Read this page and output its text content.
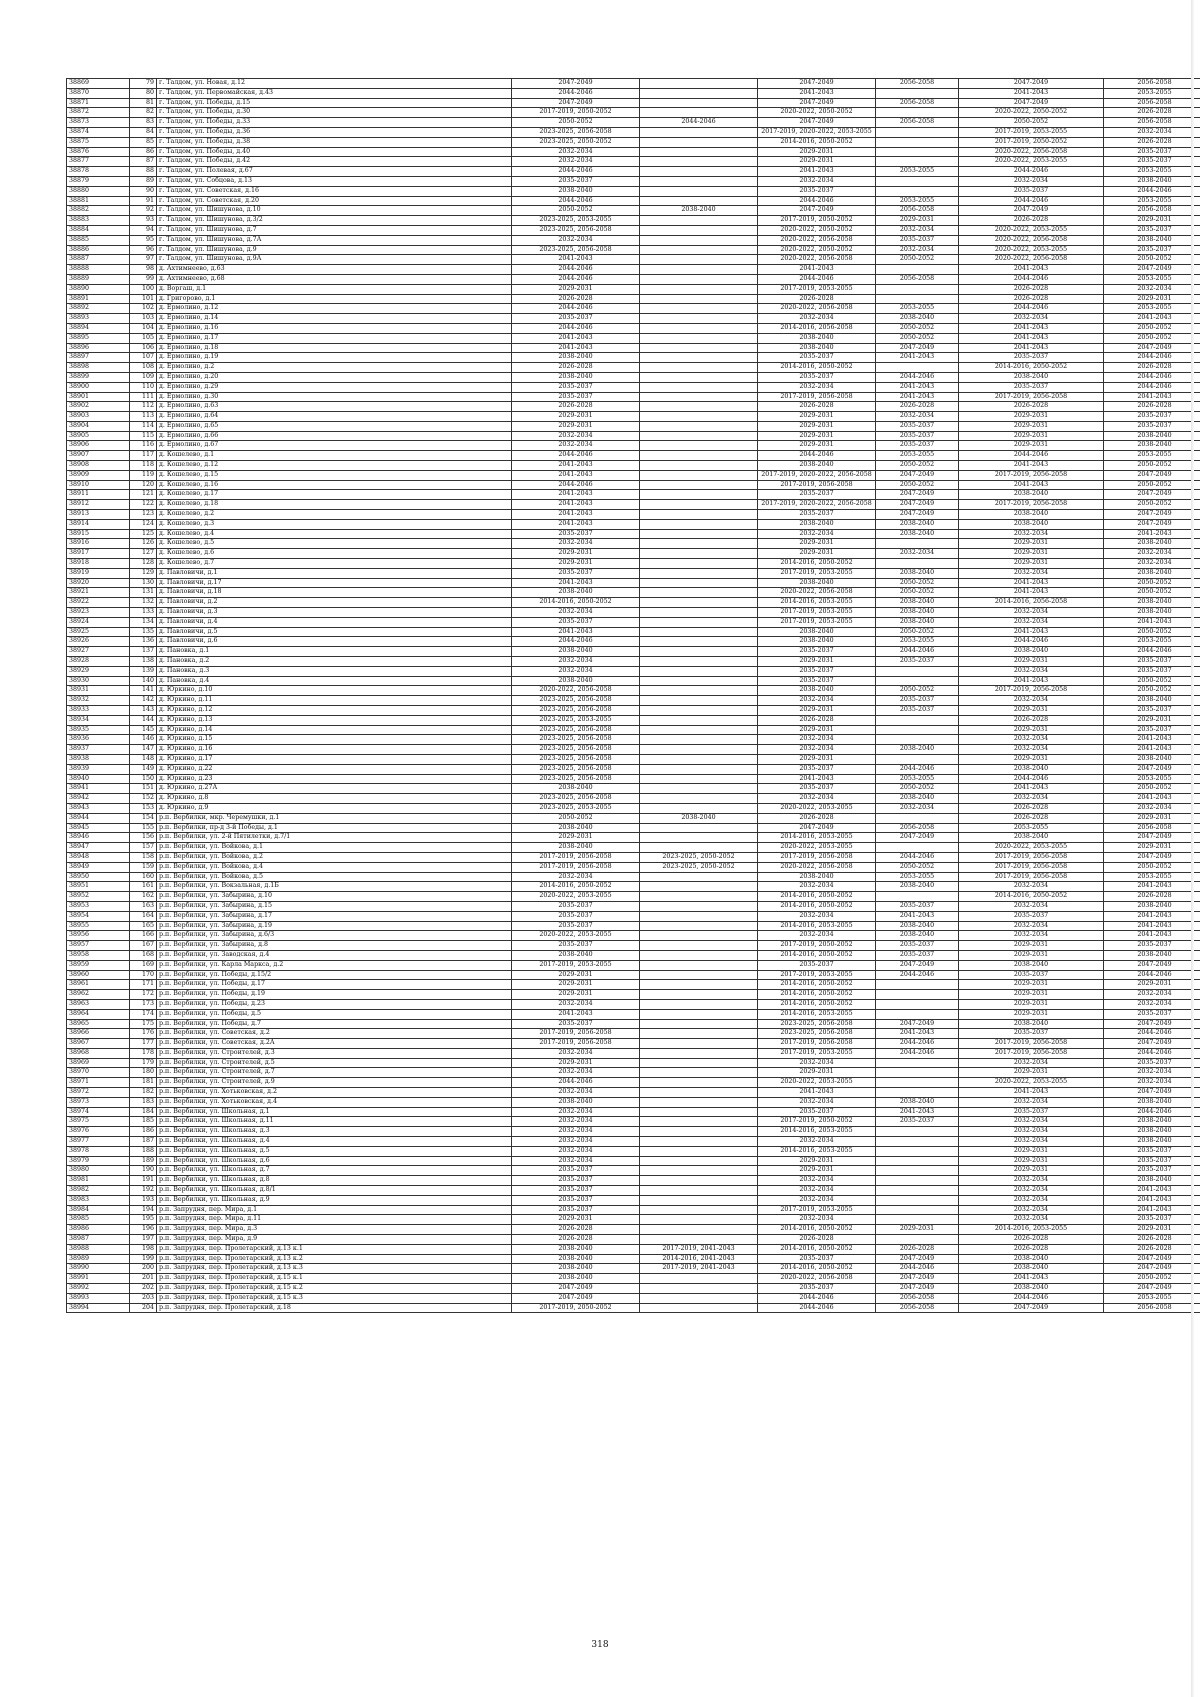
38869	79	г. Талдом, ул. Новая, д.12	2047-2049		2047-2049	2056-2058	2047-2049	2056-2058
38870	80	г. Талдом, ул. Первомайская, д.43	2044-2046		2041-2043		2041-2043	2053-2055
38871	81	г. Талдом, ул. Победы, д.15	2047-2049		2047-2049	2056-2058	2047-2049	2056-2058
38872	82	г. Талдом, ул. Победы, д.30	2017-2019, 2050-2052		2020-2022, 2050-2052		2020-2022, 2050-2052	2026-2028
38873	83	г. Талдом, ул. Победы, д.33	2050-2052	2044-2046	2047-2049	2056-2058	2050-2052	2056-2058
38874	84	г. Талдом, ул. Победы, д.36	2023-2025, 2056-2058		2017-2019, 2020-2022, 2053-2055		2017-2019, 2053-2055	2032-2034
38875	85	г. Талдом, ул. Победы, д.38	2023-2025, 2050-2052		2014-2016, 2050-2052		2017-2019, 2050-2052	2026-2028
38876	86	г. Талдом, ул. Победы, д.40	2032-2034		2029-2031		2020-2022, 2056-2058	2035-2037
38877	87	г. Талдом, ул. Победы, д.42	2032-2034		2029-2031		2020-2022, 2053-2055	2035-2037
38878	88	г. Талдом, ул. Полевая, д.67	2044-2046		2041-2043	2053-2055	2044-2046	2053-2055
38879	89	г. Талдом, ул. Собцова, д.13	2035-2037		2032-2034		2032-2034	2038-2040
38880	90	г. Талдом, ул. Советская, д.16	2038-2040		2035-2037		2035-2037	2044-2046
38881	91	г. Талдом, ул. Советская, д.20	2044-2046		2044-2046	2053-2055	2044-2046	2053-2055
38882	92	г. Талдом, ул. Шишунова, д.10	2050-2052	2038-2040	2047-2049	2056-2058	2047-2049	2056-2058
38883	93	г. Талдом, ул. Шишунова, д.3/2	2023-2025, 2053-2055		2017-2019, 2050-2052	2029-2031	2026-2028	2029-2031
38884	94	г. Талдом, ул. Шишунова, д.7	2023-2025, 2056-2058		2020-2022, 2050-2052	2032-2034	2020-2022, 2053-2055	2035-2037
38885	95	г. Талдом, ул. Шишунова, д.7А	2032-2034		2020-2022, 2056-2058	2035-2037	2020-2022, 2056-2058	2038-2040
38886	96	г. Талдом, ул. Шишунова, д.9	2023-2025, 2056-2058		2020-2022, 2050-2052	2032-2034	2020-2022, 2053-2055	2035-2037
38887	97	г. Талдом, ул. Шишунова, д.9А	2041-2043		2020-2022, 2056-2058	2050-2052	2020-2022, 2056-2058	2050-2052
38888	98	д. Ахтимнеево, д.63	2044-2046		2041-2043		2041-2043	2047-2049
38889	99	д. Ахтимнеево, д.68	2044-2046		2044-2046	2056-2058	2044-2046	2053-2055
38890	100	д. Воргаш, д.1	2029-2031		2017-2019, 2053-2055		2026-2028	2032-2034
38891	101	д. Григорово, д.1	2026-2028		2026-2028		2026-2028	2029-2031
38892	102	д. Ермолино, д.12	2044-2046		2020-2022, 2056-2058	2053-2055	2044-2046	2053-2055
38893	103	д. Ермолино, д.14	2035-2037		2032-2034	2038-2040	2032-2034	2041-2043
38894	104	д. Ермолино, д.16	2044-2046		2014-2016, 2056-2058	2050-2052	2041-2043	2050-2052
38895	105	д. Ермолино, д.17	2041-2043		2038-2040	2050-2052	2041-2043	2050-2052
38896	106	д. Ермолино, д.18	2041-2043		2038-2040	2047-2049	2041-2043	2047-2049
38897	107	д. Ермолино, д.19	2038-2040		2035-2037	2041-2043	2035-2037	2044-2046
38898	108	д. Ермолино, д.2	2026-2028		2014-2016, 2050-2052		2014-2016, 2050-2052	2026-2028
38899	109	д. Ермолино, д.20	2038-2040		2035-2037	2044-2046	2038-2040	2044-2046
38900	110	д. Ермолино, д.29	2035-2037		2032-2034	2041-2043	2035-2037	2044-2046
38901	111	д. Ермолино, д.30	2035-2037		2017-2019, 2056-2058	2041-2043	2017-2019, 2056-2058	2041-2043
38902	112	д. Ермолино, д.63	2026-2028		2026-2028	2026-2028	2026-2028	2026-2028
38903	113	д. Ермолино, д.64	2029-2031		2029-2031	2032-2034	2029-2031	2035-2037
38904	114	д. Ермолино, д.65	2029-2031		2029-2031	2035-2037	2029-2031	2035-2037
38905	115	д. Ермолино, д.66	2032-2034		2029-2031	2035-2037	2029-2031	2038-2040
38906	116	д. Ермолино, д.67	2032-2034		2029-2031	2035-2037	2029-2031	2038-2040
38907	117	д. Кошелево, д.1	2044-2046		2044-2046	2053-2055	2044-2046	2053-2055
38908	118	д. Кошелево, д.12	2041-2043		2038-2040	2050-2052	2041-2043	2050-2052
38909	119	д. Кошелево, д.15	2041-2043		2017-2019, 2020-2022, 2056-2058	2047-2049	2017-2019, 2056-2058	2047-2049
38910	120	д. Кошелево, д.16	2044-2046		2017-2019, 2056-2058	2050-2052	2041-2043	2050-2052
38911	121	д. Кошелево, д.17	2041-2043		2035-2037	2047-2049	2038-2040	2047-2049
38912	122	д. Кошелево, д.18	2041-2043		2017-2019, 2020-2022, 2056-2058	2047-2049	2017-2019, 2056-2058	2050-2052
38913	123	д. Кошелево, д.2	2041-2043		2035-2037	2047-2049	2038-2040	2047-2049
38914	124	д. Кошелево, д.3	2041-2043		2038-2040	2038-2040	2038-2040	2047-2049
38915	125	д. Кошелево, д.4	2035-2037		2032-2034	2038-2040	2032-2034	2041-2043
38916	126	д. Кошелево, д.5	2032-2034		2029-2031		2029-2031	2038-2040
38917	127	д. Кошелево, д.6	2029-2031		2029-2031	2032-2034	2029-2031	2032-2034
38918	128	д. Кошелево, д.7	2029-2031		2014-2016, 2050-2052		2029-2031	2032-2034
38919	129	д. Павловичи, д.1	2035-2037		2017-2019, 2053-2055	2038-2040	2032-2034	2038-2040
38920	130	д. Павловичи, д.17	2041-2043		2038-2040	2050-2052	2041-2043	2050-2052
38921	131	д. Павловичи, д.18	2038-2040		2020-2022, 2056-2058	2050-2052	2041-2043	2050-2052
38922	132	д. Павловичи, д.2	2014-2016, 2050-2052		2014-2016, 2053-2055	2038-2040	2014-2016, 2056-2058	2038-2040
38923	133	д. Павловичи, д.3	2032-2034		2017-2019, 2053-2055	2038-2040	2032-2034	2038-2040
38924	134	д. Павловичи, д.4	2035-2037		2017-2019, 2053-2055	2038-2040	2032-2034	2041-2043
38925	135	д. Павловичи, д.5	2041-2043		2038-2040	2050-2052	2041-2043	2050-2052
38926	136	д. Павловичи, д.6	2044-2046		2038-2040	2053-2055	2044-2046	2053-2055
38927	137	д. Пановка, д.1	2038-2040		2035-2037	2044-2046	2038-2040	2044-2046
38928	138	д. Пановка, д.2	2032-2034		2029-2031	2035-2037	2029-2031	2035-2037
38929	139	д. Пановка, д.3	2032-2034		2035-2037		2032-2034	2035-2037
38930	140	д. Пановка, д.4	2038-2040		2035-2037		2041-2043	2050-2052
38931	141	д. Юркино, д.10	2020-2022, 2056-2058		2038-2040	2050-2052	2017-2019, 2056-2058	2050-2052
38932	142	д. Юркино, д.11	2023-2025, 2056-2058		2032-2034	2035-2037	2032-2034	2038-2040
38933	143	д. Юркино, д.12	2023-2025, 2056-2058		2029-2031	2035-2037	2029-2031	2035-2037
38934	144	д. Юркино, д.13	2023-2025, 2053-2055		2026-2028		2026-2028	2029-2031
38935	145	д. Юркино, д.14	2023-2025, 2056-2058		2029-2031		2029-2031	2035-2037
38936	146	д. Юркино, д.15	2023-2025, 2056-2058		2032-2034		2032-2034	2041-2043
38937	147	д. Юркино, д.16	2023-2025, 2056-2058		2032-2034	2038-2040	2032-2034	2041-2043
38938	148	д. Юркино, д.17	2023-2025, 2056-2058		2029-2031		2029-2031	2038-2040
38939	149	д. Юркино, д.22	2023-2025, 2056-2058		2035-2037	2044-2046	2038-2040	2047-2049
38940	150	д. Юркино, д.23	2023-2025, 2056-2058		2041-2043	2053-2055	2044-2046	2053-2055
38941	151	д. Юркино, д.27А	2038-2040		2035-2037	2050-2052	2041-2043	2050-2052
38942	152	д. Юркино, д.8	2023-2025, 2056-2058		2032-2034	2038-2040	2032-2034	2041-2043
38943	153	д. Юркино, д.9	2023-2025, 2053-2055		2020-2022, 2053-2055	2032-2034	2026-2028	2032-2034
38944	154	р.п. Вербилки, мкр. Черемушки, д.1	2050-2052	2038-2040	2026-2028		2026-2028	2029-2031
38945	155	р.п. Вербилки, пр-д 3-й Победы, д.1	2038-2040		2047-2049	2056-2058	2053-2055	2056-2058
38946	156	р.п. Вербилки, ул. 2-й Пятилетки, д.7/1	2029-2031		2014-2016, 2053-2055	2047-2049	2038-2040	2047-2049
38947	157	р.п. Вербилки, ул. Войкова, д.1	2038-2040		2020-2022, 2053-2055		2020-2022, 2053-2055	2029-2031
38948	158	р.п. Вербилки, ул. Войкова, д.2	2017-2019, 2056-2058	2023-2025, 2050-2052	2017-2019, 2056-2058	2044-2046	2017-2019, 2056-2058	2047-2049
38949	159	р.п. Вербилки, ул. Войкова, д.4	2017-2019, 2056-2058	2023-2025, 2050-2052	2020-2022, 2056-2058	2050-2052	2017-2019, 2056-2058	2050-2052
38950	160	р.п. Вербилки, ул. Войкова, д.5	2032-2034		2038-2040	2053-2055	2017-2019, 2056-2058	2053-2055
38951	161	р.п. Вербилки, ул. Вокзальная, д.1Б	2014-2016, 2050-2052		2032-2034	2038-2040	2032-2034	2041-2043
38952	162	р.п. Вербилки, ул. Забырина, д.10	2020-2022, 2053-2055		2014-2016, 2050-2052		2014-2016, 2050-2052	2026-2028
38953	163	р.п. Вербилки, ул. Забырина, д.15	2035-2037		2014-2016, 2050-2052	2035-2037	2032-2034	2038-2040
38954	164	р.п. Вербилки, ул. Забырина, д.17	2035-2037		2032-2034	2041-2043	2035-2037	2041-2043
38955	165	р.п. Вербилки, ул. Забырина, д.19	2035-2037		2014-2016, 2053-2055	2038-2040	2032-2034	2041-2043
38956	166	р.п. Вербилки, ул. Забырина, д.6/3	2020-2022, 2053-2055		2032-2034	2038-2040	2032-2034	2041-2043
38957	167	р.п. Вербилки, ул. Забырина, д.8	2035-2037		2017-2019, 2050-2052	2035-2037	2029-2031	2035-2037
38958	168	р.п. Вербилки, ул. Заводская, д.4	2038-2040		2014-2016, 2050-2052	2035-2037	2029-2031	2038-2040
38959	169	р.п. Вербилки, ул. Карла Маркса, д.2	2017-2019, 2053-2055		2035-2037	2047-2049	2038-2040	2047-2049
38960	170	р.п. Вербилки, ул. Победы, д.15/2	2029-2031		2017-2019, 2053-2055	2044-2046	2035-2037	2044-2046
38961	171	р.п. Вербилки, ул. Победы, д.17	2029-2031		2014-2016, 2050-2052		2029-2031	2029-2031
38962	172	р.п. Вербилки, ул. Победы, д.19	2029-2031		2014-2016, 2050-2052		2029-2031	2032-2034
38963	173	р.п. Вербилки, ул. Победы, д.23	2032-2034		2014-2016, 2050-2052		2029-2031	2032-2034
38964	174	р.п. Вербилки, ул. Победы, д.5	2041-2043		2014-2016, 2053-2055		2029-2031	2035-2037
38965	175	р.п. Вербилки, ул. Победы, д.7	2035-2037		2023-2025, 2056-2058	2047-2049	2038-2040	2047-2049
38966	176	р.п. Вербилки, ул. Советская, д.2	2017-2019, 2056-2058		2023-2025, 2056-2058	2041-2043	2035-2037	2044-2046
38967	177	р.п. Вербилки, ул. Советская, д.2А	2017-2019, 2056-2058		2017-2019, 2056-2058	2044-2046	2017-2019, 2056-2058	2047-2049
38968	178	р.п. Вербилки, ул. Строителей, д.3	2032-2034		2017-2019, 2053-2055	2044-2046	2017-2019, 2056-2058	2044-2046
38969	179	р.п. Вербилки, ул. Строителей, д.5	2029-2031		2032-2034		2032-2034	2035-2037
38970	180	р.п. Вербилки, ул. Строителей, д.7	2032-2034		2029-2031		2029-2031	2032-2034
38971	181	р.п. Вербилки, ул. Строителей, д.9	2044-2046		2020-2022, 2053-2055		2020-2022, 2053-2055	2032-2034
38972	182	р.п. Вербилки, ул. Хотьковская, д.2	2032-2034		2041-2043		2041-2043	2047-2049
38973	183	р.п. Вербилки, ул. Хотьковская, д.4	2038-2040		2032-2034	2038-2040	2032-2034	2038-2040
38974	184	р.п. Вербилки, ул. Школьная, д.1	2032-2034		2035-2037	2041-2043	2035-2037	2044-2046
38975	185	р.п. Вербилки, ул. Школьная, д.11	2032-2034		2017-2019, 2050-2052	2035-2037	2032-2034	2038-2040
38976	186	р.п. Вербилки, ул. Школьная, д.3	2032-2034		2014-2016, 2053-2055		2032-2034	2038-2040
38977	187	р.п. Вербилки, ул. Школьная, д.4	2032-2034		2032-2034		2032-2034	2038-2040
38978	188	р.п. Вербилки, ул. Школьная, д.5	2032-2034		2014-2016, 2053-2055		2029-2031	2035-2037
38979	189	р.п. Вербилки, ул. Школьная, д.6	2032-2034		2029-2031		2029-2031	2035-2037
38980	190	р.п. Вербилки, ул. Школьная, д.7	2035-2037		2029-2031		2029-2031	2035-2037
38981	191	р.п. Вербилки, ул. Школьная, д.8	2035-2037		2032-2034		2032-2034	2038-2040
38982	192	р.п. Вербилки, ул. Школьная, д.8/1	2035-2037		2032-2034		2032-2034	2041-2043
38983	193	р.п. Вербилки, ул. Школьная, д.9	2035-2037		2032-2034		2032-2034	2041-2043
38984	194	р.п. Запрудня, пер. Мира, д.1	2035-2037		2017-2019, 2053-2055		2032-2034	2041-2043
38985	195	р.п. Запрудня, пер. Мира, д.11	2029-2031		2032-2034		2032-2034	2035-2037
38986	196	р.п. Запрудня, пер. Мира, д.3	2026-2028		2014-2016, 2050-2052	2029-2031	2014-2016, 2053-2055	2029-2031
38987	197	р.п. Запрудня, пер. Мира, д.9	2026-2028		2026-2028		2026-2028	2026-2028
38988	198	р.п. Запрудня, пер. Пролетарский, д.13 к.1	2038-2040	2017-2019, 2041-2043	2014-2016, 2050-2052	2026-2028	2026-2028	2026-2028
38989	199	р.п. Запрудня, пер. Пролетарский, д.13 к.2	2038-2040	2014-2016, 2041-2043	2035-2037	2047-2049	2038-2040	2047-2049
38990	200	р.п. Запрудня, пер. Пролетарский, д.13 к.3	2038-2040	2017-2019, 2041-2043	2014-2016, 2050-2052	2044-2046	2038-2040	2047-2049
38991	201	р.п. Запрудня, пер. Пролетарский, д.15 к.1	2038-2040		2020-2022, 2056-2058	2047-2049	2041-2043	2050-2052
38992	202	р.п. Запрудня, пер. Пролетарский, д.15 к.2	2047-2049		2035-2037	2047-2049	2038-2040	2047-2049
38993	203	р.п. Запрудня, пер. Пролетарский, д.15 к.3	2047-2049		2044-2046	2056-2058	2044-2046	2053-2055
38994	204	р.п. Запрудня, пер. Пролетарский, д.18	2017-2019, 2050-2052		2044-2046	2056-2058	2047-2049	2056-2058
318
